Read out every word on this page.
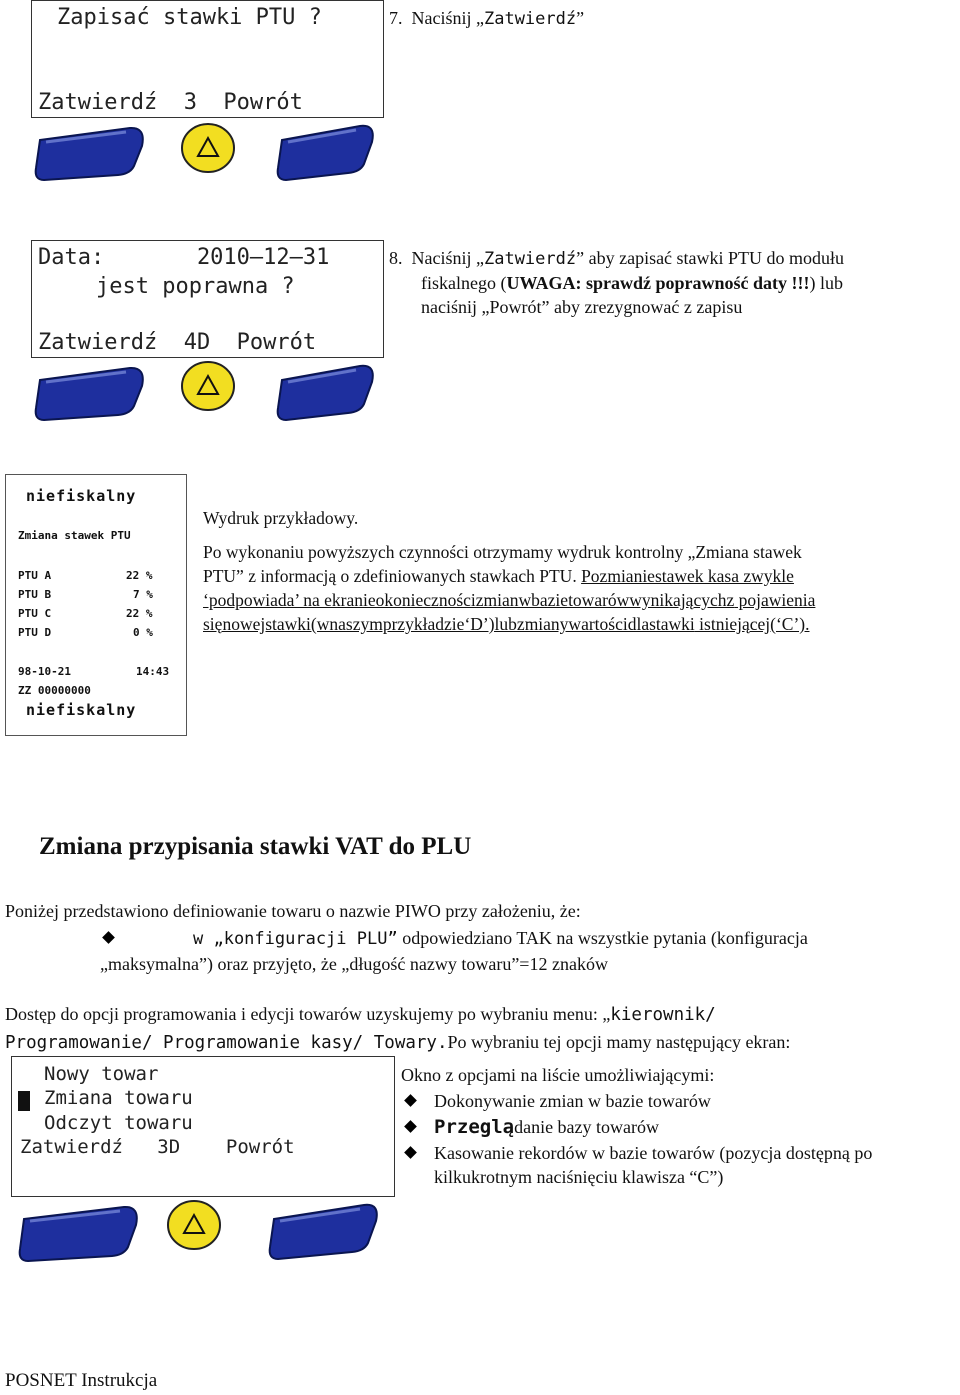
Zapisać stawki PTU ?
Zatwierdź  3  Powrót
7. Naciśnij „Zatwierdź”
Data:       2010—12—31
jest poprawna ?
Zatwierdź  4D  Powrót
8. Naciśnij „Zatwierdź” aby zapisać stawki PTU do modułu
fiskalnego (UWAGA: sprawdź poprawność daty !!!) lub
naciśnij „Powrót” aby zrezygnować z zapisu
niefiskalny
Zmiana stawek PTU
PTU A	22 %
PTU B	7 %
PTU C	22 %
PTU D	0 %
98-10-21	14:43
ZZ 00000000
niefiskalny
Wydruk przykładowy.
Po wykonaniu powyższych czynności otrzymamy wydruk kontrolny „Zmiana stawek
PTU” z informacją o zdefiniowanych stawkach PTU. Pozmianiestawek kasa zwykle
‘podpowiada’ na ekranieokoniecznościzmianwbazietowarówwynikającychz pojawienia
sięnowejstawki(wnaszymprzykładzie‘D’)lubzmianywartościdlastawki istniejącej(‘C’).
Zmiana przypisania stawki VAT do PLU
Poniżej przedstawiono definiowanie towaru o nazwie PIWO przy założeniu, że:
w „konfiguracji PLU” odpowiedziano TAK na wszystkie pytania (konfiguracja
„maksymalna”) oraz przyjęto, że „długość nazwy towaru”=12 znaków
Dostęp do opcji programowania i edycji towarów uzyskujemy po wybraniu menu: „kierownik/
Programowanie/ Programowanie kasy/ Towary.Po wybraniu tej opcji mamy następujący ekran:
Nowy towar
Zmiana towaru
Odczyt towaru
Zatwierdź   3D    Powrót
Okno z opcjami na liście umożliwiającymi:
Dokonywanie zmian w bazie towarów
Przeglądanie bazy towarów
Kasowanie rekordów w bazie towarów (pozycja dostępną po
kilkukrotnym naciśnięciu klawisza “C”)
POSNET Instrukcja
